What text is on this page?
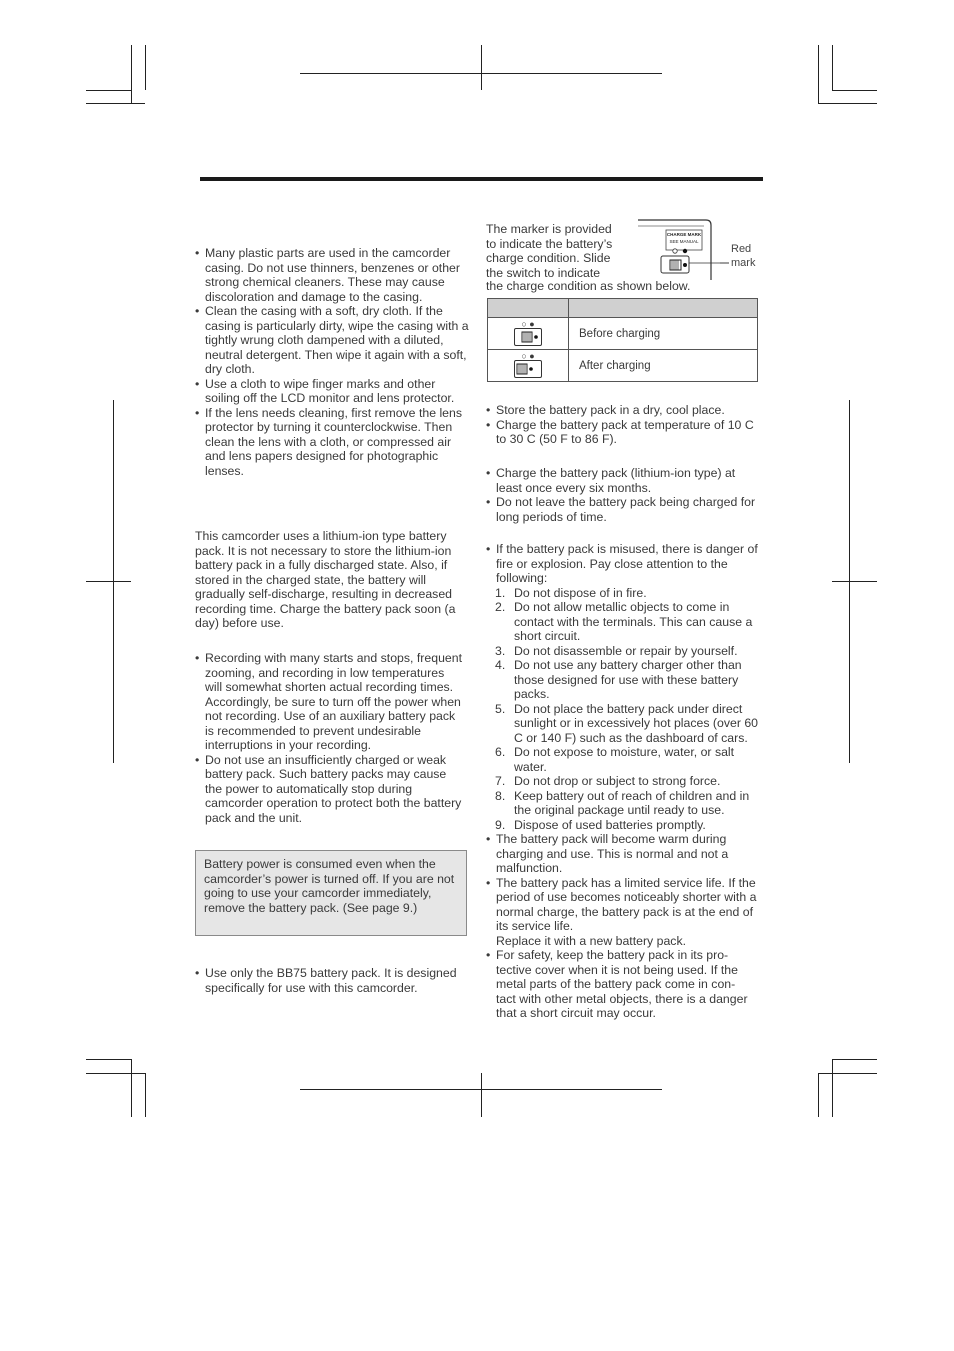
• Many plastic parts are used in the camcorder casing. Do not use thinners, benzenes or other strong chemical cleaners. These may cause discoloration and damage to the casing.

• Clean the casing with a soft, dry cloth. If the casing is particularly dirty, wipe the casing with a tightly wrung cloth dampened with a diluted, neutral detergent. Then wipe it again with a soft, dry cloth.

• Use a cloth to wipe finger marks and other soiling off the LCD monitor and lens protector.

• If the lens needs cleaning, first remove the lens protector by turning it counterclockwise. Then clean the lens with a cloth, or compressed air and lens papers designed for photographic lenses.

This camcorder uses a lithium-ion type battery pack. It is not necessary to store the lithium-ion battery pack in a fully discharged state. Also, if stored in the charged state, the battery will gradually self-discharge, resulting in decreased recording time. Charge the battery pack soon (a day) before use.

• Recording with many starts and stops, frequent zooming, and recording in low temperatures will somewhat shorten actual recording times. Accordingly, be sure to turn off the power when not recording. Use of an auxiliary battery pack is recommended to prevent undesirable interruptions in your recording.

• Do not use an insufficiently charged or weak battery pack. Such battery packs may cause the power to automatically stop during camcorder operation to protect both the battery pack and the unit.

Battery power is consumed even when the camcorder’s power is turned off. If you are not going to use your camcorder immediately, remove the battery pack. (See page 9.)

• Use only the BB75 battery pack. It is designed specifically for use with this camcorder.

The marker is provided to indicate the battery’s charge condition. Slide the switch to indicate

the charge condition as shown below.

CHARGE MARK
SEE MANUAL
Red
mark

○ ●	Before charging

○ ●	After charging

• Store the battery pack in a dry, cool place.

• Charge the battery pack at temperature of 10 C to 30 C (50 F to 86 F).

• Charge the battery pack (lithium-ion type) at least once every six months.

• Do not leave the battery pack being charged for long periods of time.

• If the battery pack is misused, there is danger of fire or explosion. Pay close attention to the following:

1. Do not dispose of in fire.

2. Do not allow metallic objects to come in contact with the terminals. This can cause a short circuit.

3. Do not disassemble or repair by yourself.

4. Do not use any battery charger other than those designed for use with these battery packs.

5. Do not place the battery pack under direct sunlight or in excessively hot places (over 60 C or 140 F) such as the dashboard of cars.

6. Do not expose to moisture, water, or salt water.

7. Do not drop or subject to strong force.

8. Keep battery out of reach of children and in the original package until ready to use.

9. Dispose of used batteries promptly.

• The battery pack will become warm during charging and use. This is normal and not a malfunction.

• The battery pack has a limited service life. If the period of use becomes noticeably shorter with a normal charge, the battery pack is at the end of its service life.

Replace it with a new battery pack.

• For safety, keep the battery pack in its pro- tective cover when it is not being used. If the metal parts of the battery pack come in con- tact with other metal objects, there is a danger that a short circuit may occur.
